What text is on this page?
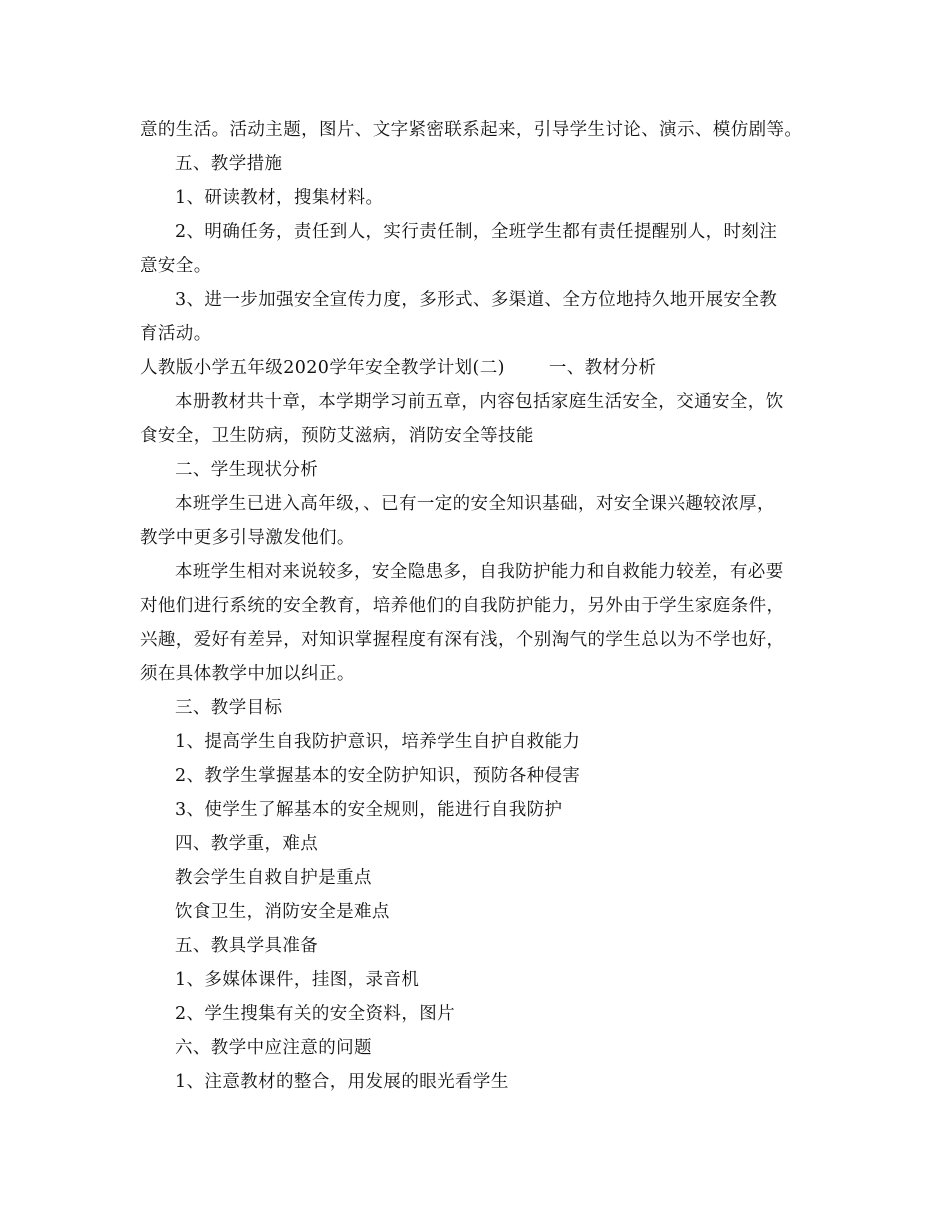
意的生活。活动主题，图片、文字紧密联系起来，引导学生讨论、演示、模仿剧等。
五、教学措施
1、研读教材，搜集材料。
2、明确任务，责任到人，实行责任制，全班学生都有责任提醒别人，时刻注
意安全。
3、进一步加强安全宣传力度，多形式、多渠道、全方位地持久地开展安全教
育活动。
人教版小学五年级2020学年安全教学计划(二)	一、教材分析
本册教材共十章，本学期学习前五章，内容包括家庭生活安全，交通安全，饮
食安全，卫生防病，预防艾滋病，消防安全等技能
二、学生现状分析
本班学生已进入高年级，、已有一定的安全知识基础，对安全课兴趣较浓厚，
教学中更多引导激发他们。
本班学生相对来说较多，安全隐患多，自我防护能力和自救能力较差，有必要
对他们进行系统的安全教育，培养他们的自我防护能力，另外由于学生家庭条件，
兴趣，爱好有差异，对知识掌握程度有深有浅，个别淘气的学生总以为不学也好，
须在具体教学中加以纠正。
三、教学目标
1、提高学生自我防护意识，培养学生自护自救能力
2、教学生掌握基本的安全防护知识，预防各种侵害
3、使学生了解基本的安全规则，能进行自我防护
四、教学重，难点
教会学生自救自护是重点
饮食卫生，消防安全是难点
五、教具学具准备
1、多媒体课件，挂图，录音机
2、学生搜集有关的安全资料，图片
六、教学中应注意的问题
1、注意教材的整合，用发展的眼光看学生
